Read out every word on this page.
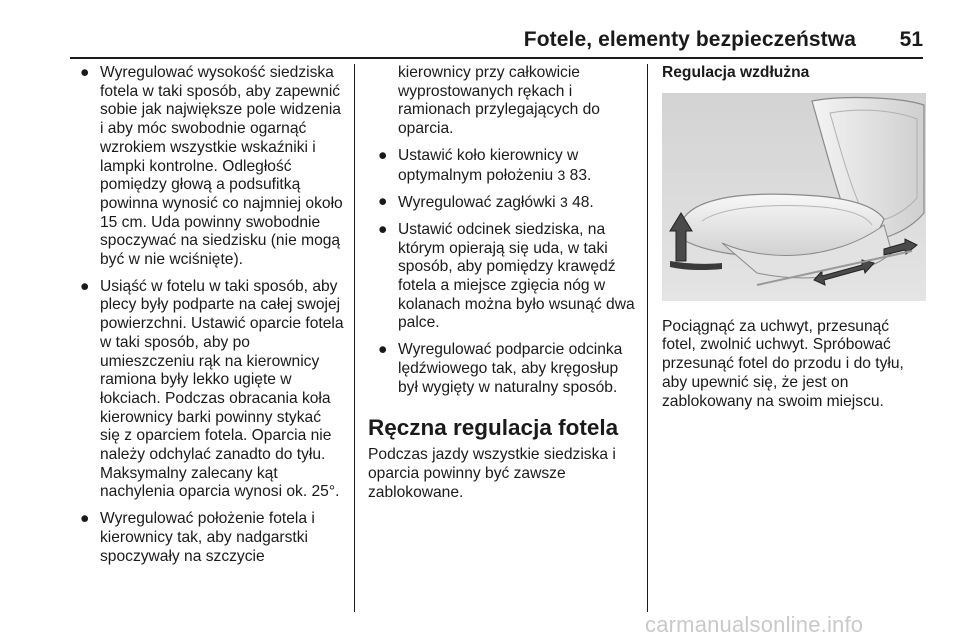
Fotele, elementy bezpieczeństwa 51
● Wyregulować wysokość siedziska fotela w taki sposób, aby zapewnić sobie jak największe pole widzenia i aby móc swobodnie ogarnąć wzrokiem wszystkie wskaźniki i lampki kontrolne. Odległość pomiędzy głową a podsufitką powinna wynosić co najmniej około 15 cm. Uda powinny swobodnie spoczywać na siedzisku (nie mogą być w nie wciśnięte).
● Usiąść w fotelu w taki sposób, aby plecy były podparte na całej swojej powierzchni. Ustawić oparcie fotela w taki sposób, aby po umieszczeniu rąk na kierownicy ramiona były lekko ugięte w łokciach. Podczas obracania koła kierownicy barki powinny stykać się z oparciem fotela. Oparcia nie należy odchylać zanadto do tyłu. Maksymalny zalecany kąt nachylenia oparcia wynosi ok. 25°.
● Wyregulować położenie fotela i kierownicy tak, aby nadgarstki spoczywały na szczycie
kierownicy przy całkowicie wyprostowanych rękach i ramionach przylegających do oparcia.
● Ustawić koło kierownicy w optymalnym położeniu 3 83.
● Wyregulować zagłówki 3 48.
● Ustawić odcinek siedziska, na którym opierają się uda, w taki sposób, aby pomiędzy krawędź fotela a miejsce zgięcia nóg w kolanach można było wsunąć dwa palce.
● Wyregulować podparcie odcinka lędźwiowego tak, aby kręgosłup był wygięty w naturalny sposób.
Ręczna regulacja fotela
Podczas jazdy wszystkie siedziska i oparcia powinny być zawsze zablokowane.
Regulacja wzdłużna
Pociągnąć za uchwyt, przesunąć fotel, zwolnić uchwyt. Spróbować przesunąć fotel do przodu i do tyłu, aby upewnić się, że jest on zablokowany na swoim miejscu.
carmanualsonline.info
